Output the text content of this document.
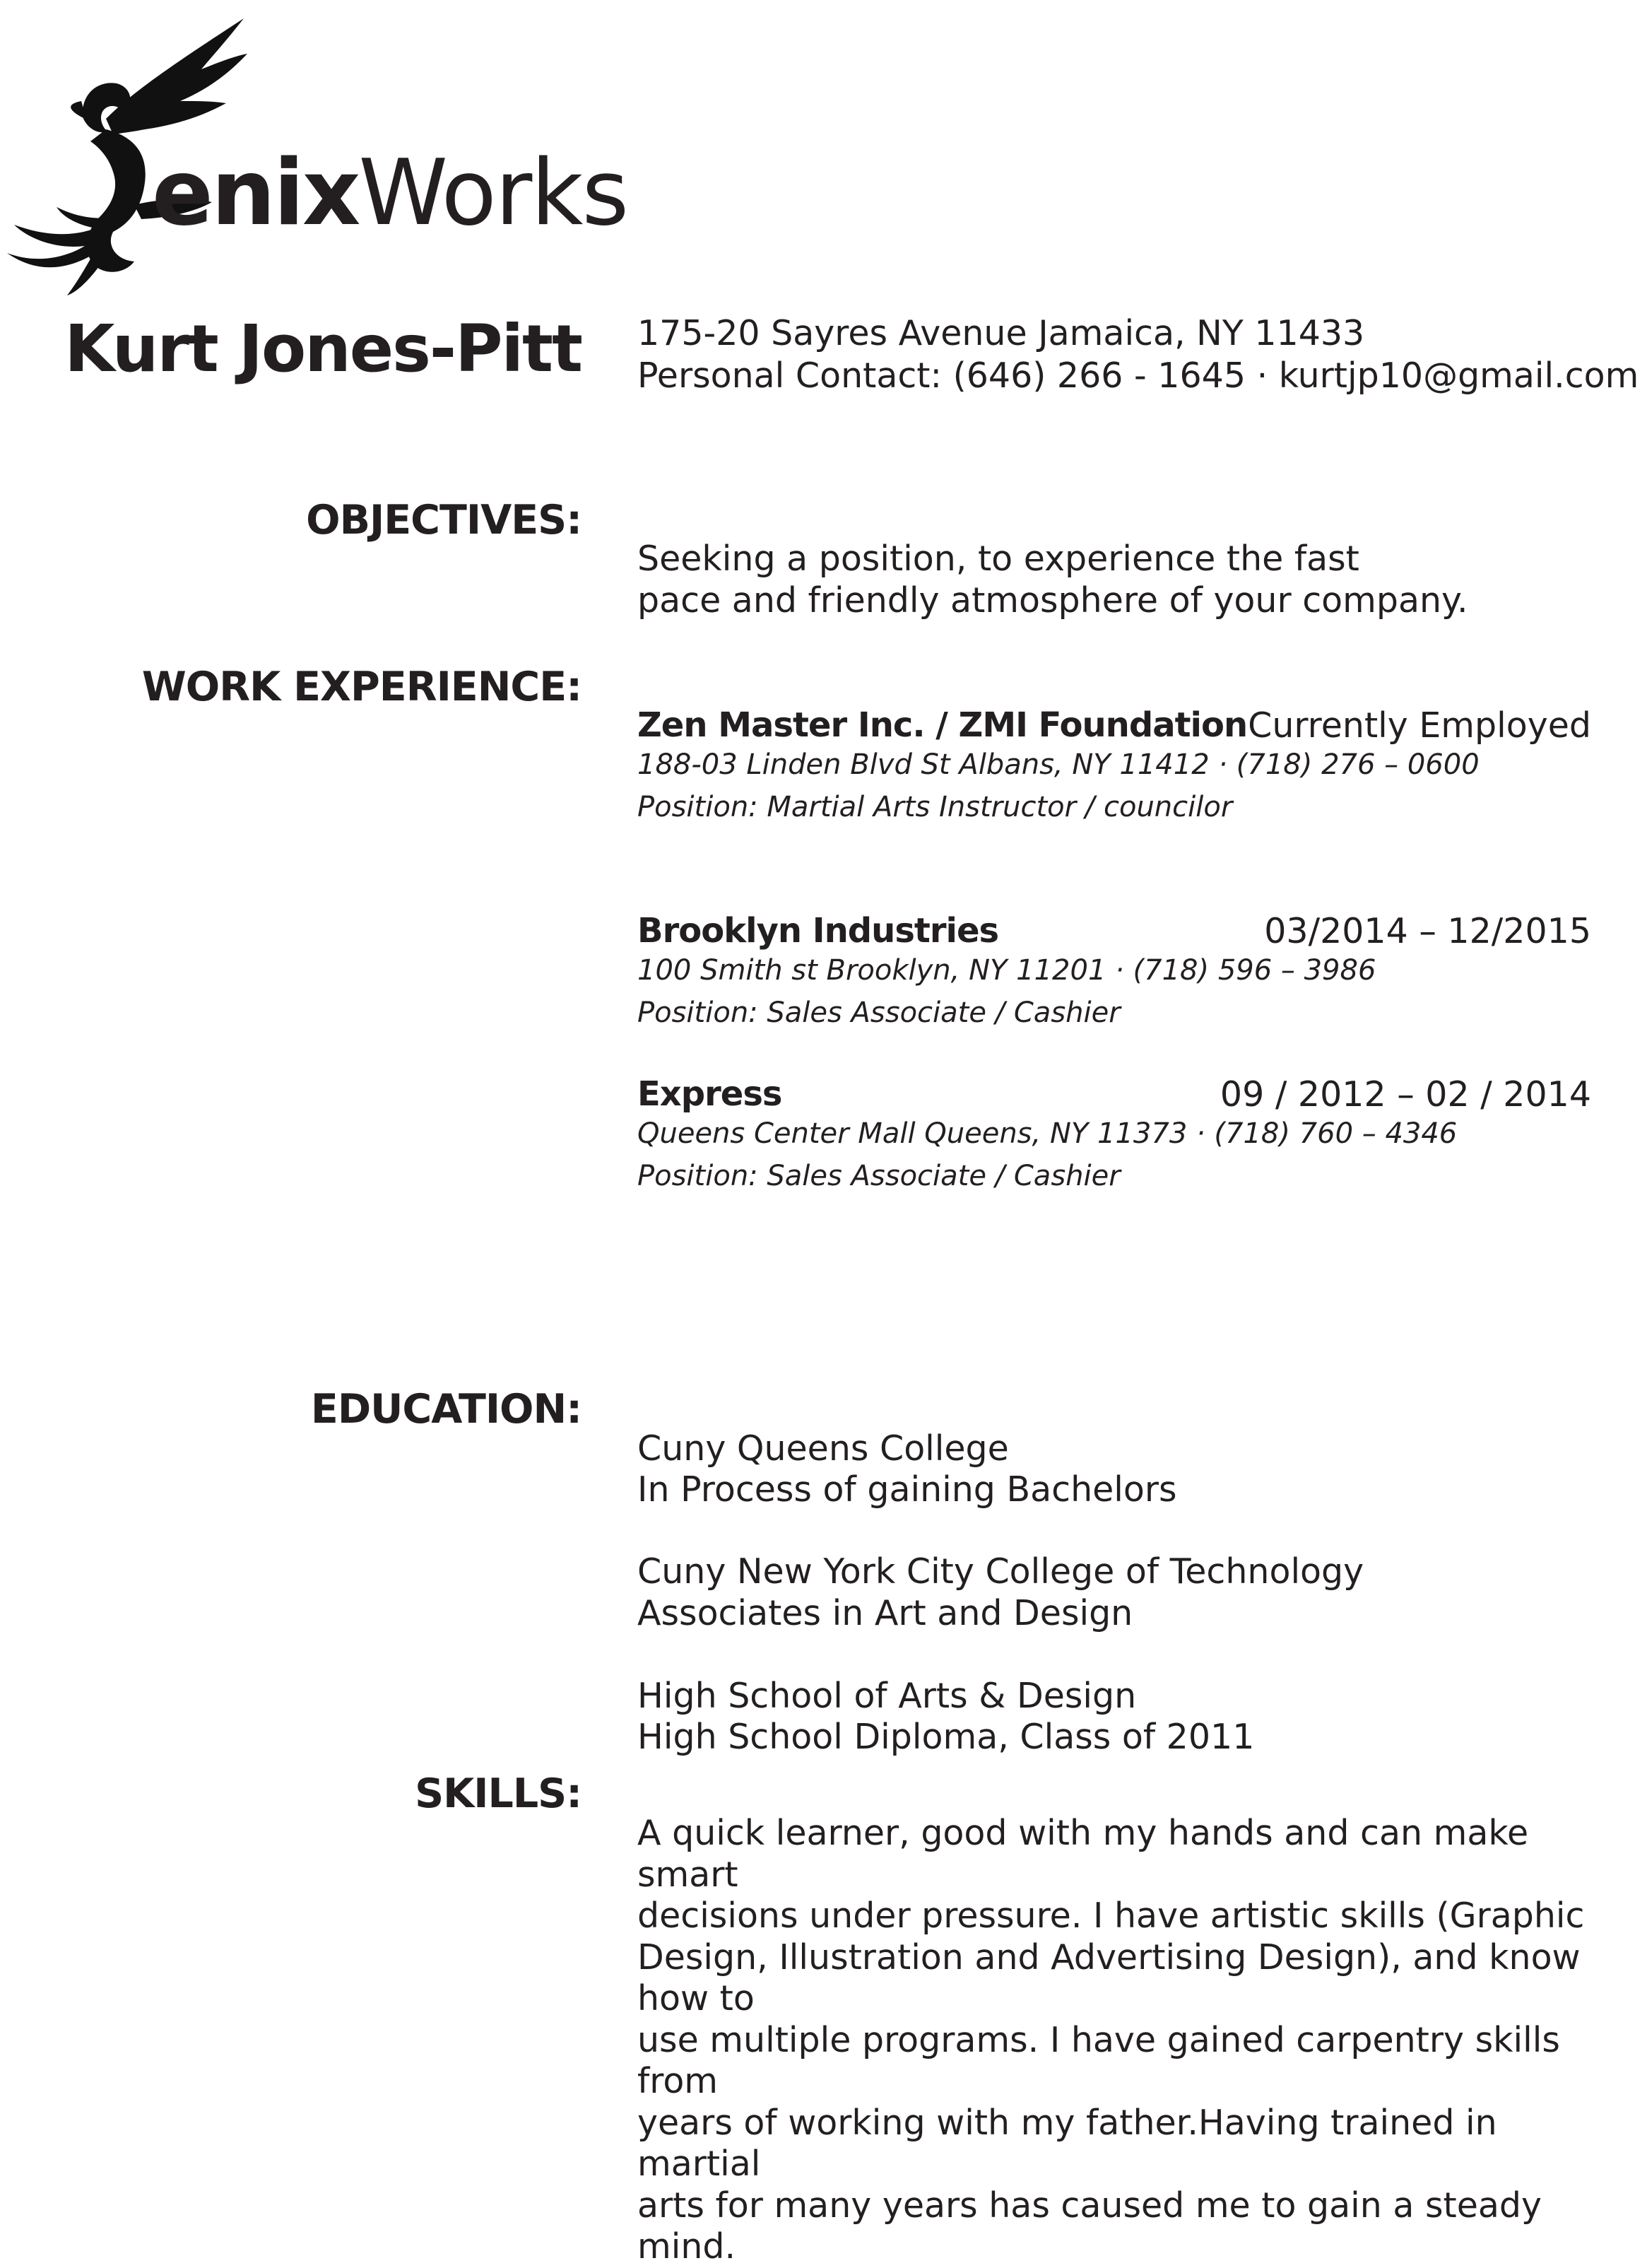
enixWorks
Kurt Jones-Pitt 175-20 Sayres Avenue Jamaica, NY 11433
Personal Contact: (646) 266 - 1645 · kurtjp10@gmail.com
OBJECTIVES:
Seeking a position, to experience the fast
pace and friendly atmosphere of your company.
WORK EXPERIENCE:
Zen Master Inc. / ZMI Foundation Currently Employed
188-03 Linden Blvd St Albans, NY 11412 · (718) 276 – 0600
Position: Martial Arts Instructor / councilor
Brooklyn Industries	03/2014 – 12/2015
100 Smith st Brooklyn, NY 11201 · (718) 596 – 3986
Position: Sales Associate / Cashier
Express	09 / 2012 – 02 / 2014
Queens Center Mall Queens, NY 11373 · (718) 760 – 4346
Position: Sales Associate / Cashier
EDUCATION:
Cuny Queens College
In Process of gaining Bachelors
Cuny New York City College of Technology
Associates in Art and Design
High School of Arts & Design
High School Diploma, Class of 2011
SKILLS:
A quick learner, good with my hands and can make smart
decisions under pressure. I have artistic skills (Graphic
Design, Illustration and Advertising Design), and know how to
use multiple programs. I have gained carpentry skills from
years of working with my father.Having trained in martial
arts for many years has caused me to gain a steady mind.
